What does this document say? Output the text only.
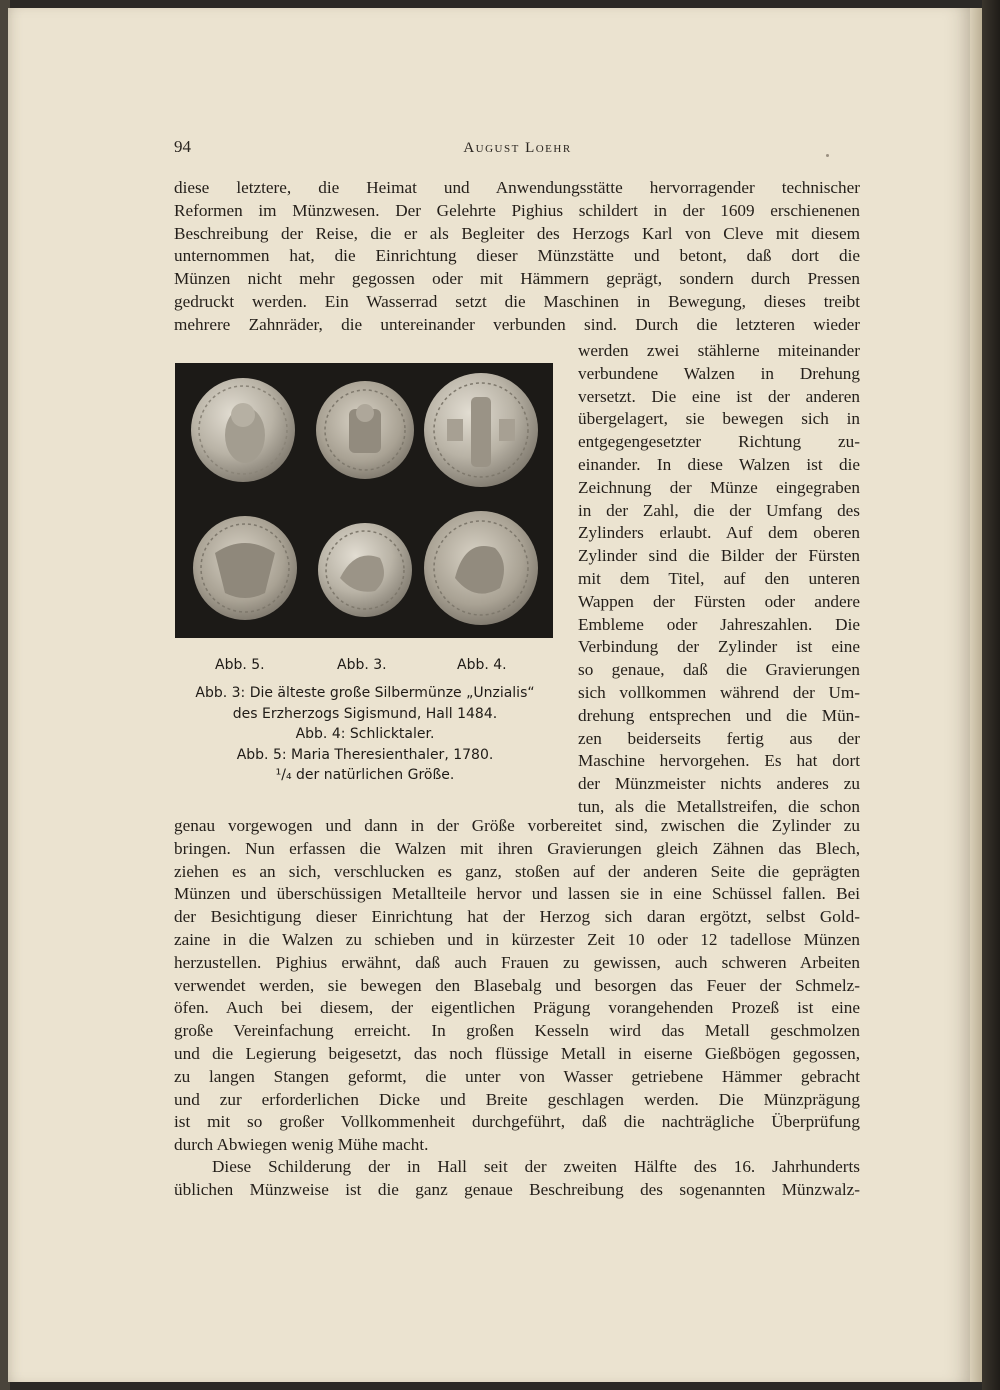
94	August Loehr
diese letztere, die Heimat und Anwendungsstätte hervorragender technischer
Reformen im Münzwesen. Der Gelehrte Pighius schildert in der 1609 erschienenen
Beschreibung der Reise, die er als Begleiter des Herzogs Karl von Cleve mit diesem
unternommen hat, die Einrichtung dieser Münzstätte und betont, daß dort die
Münzen nicht mehr gegossen oder mit Hämmern geprägt, sondern durch Pressen
gedruckt werden. Ein Wasserrad setzt die Maschinen in Bewegung, dieses treibt
mehrere Zahnräder, die untereinander verbunden sind. Durch die letzteren wieder
werden zwei stählerne miteinander
verbundene Walzen in Drehung
versetzt. Die eine ist der anderen
übergelagert, sie bewegen sich in
entgegengesetzter Richtung zu-
einander. In diese Walzen ist die
Zeichnung der Münze eingegraben
in der Zahl, die der Umfang des
Zylinders erlaubt. Auf dem oberen
Zylinder sind die Bilder der Fürsten
mit dem Titel, auf den unteren
Wappen der Fürsten oder andere
Embleme oder Jahreszahlen. Die
Verbindung der Zylinder ist eine
so genaue, daß die Gravierungen
sich vollkommen während der Um-
drehung entsprechen und die Mün-
zen beiderseits fertig aus der
Maschine hervorgehen. Es hat dort
der Münzmeister nichts anderes zu
tun, als die Metallstreifen, die schon
Abb. 5.	Abb. 3.	Abb. 4.
Abb. 3: Die älteste große Silbermünze „Unzialis“
des Erzherzogs Sigismund, Hall 1484.
Abb. 4: Schlicktaler.
Abb. 5: Maria Theresienthaler, 1780.
¹/₄ der natürlichen Größe.
genau vorgewogen und dann in der Größe vorbereitet sind, zwischen die Zylinder zu
bringen. Nun erfassen die Walzen mit ihren Gravierungen gleich Zähnen das Blech,
ziehen es an sich, verschlucken es ganz, stoßen auf der anderen Seite die geprägten
Münzen und überschüssigen Metallteile hervor und lassen sie in eine Schüssel fallen. Bei
der Besichtigung dieser Einrichtung hat der Herzog sich daran ergötzt, selbst Gold-
zaine in die Walzen zu schieben und in kürzester Zeit 10 oder 12 tadellose Münzen
herzustellen. Pighius erwähnt, daß auch Frauen zu gewissen, auch schweren Arbeiten
verwendet werden, sie bewegen den Blasebalg und besorgen das Feuer der Schmelz-
öfen. Auch bei diesem, der eigentlichen Prägung vorangehenden Prozeß ist eine
große Vereinfachung erreicht. In großen Kesseln wird das Metall geschmolzen
und die Legierung beigesetzt, das noch flüssige Metall in eiserne Gießbögen gegossen,
zu langen Stangen geformt, die unter von Wasser getriebene Hämmer gebracht
und zur erforderlichen Dicke und Breite geschlagen werden. Die Münzprägung
ist mit so großer Vollkommenheit durchgeführt, daß die nachträgliche Überprüfung
durch Abwiegen wenig Mühe macht.
Diese Schilderung der in Hall seit der zweiten Hälfte des 16. Jahrhunderts
üblichen Münzweise ist die ganz genaue Beschreibung des sogenannten Münzwalz-
